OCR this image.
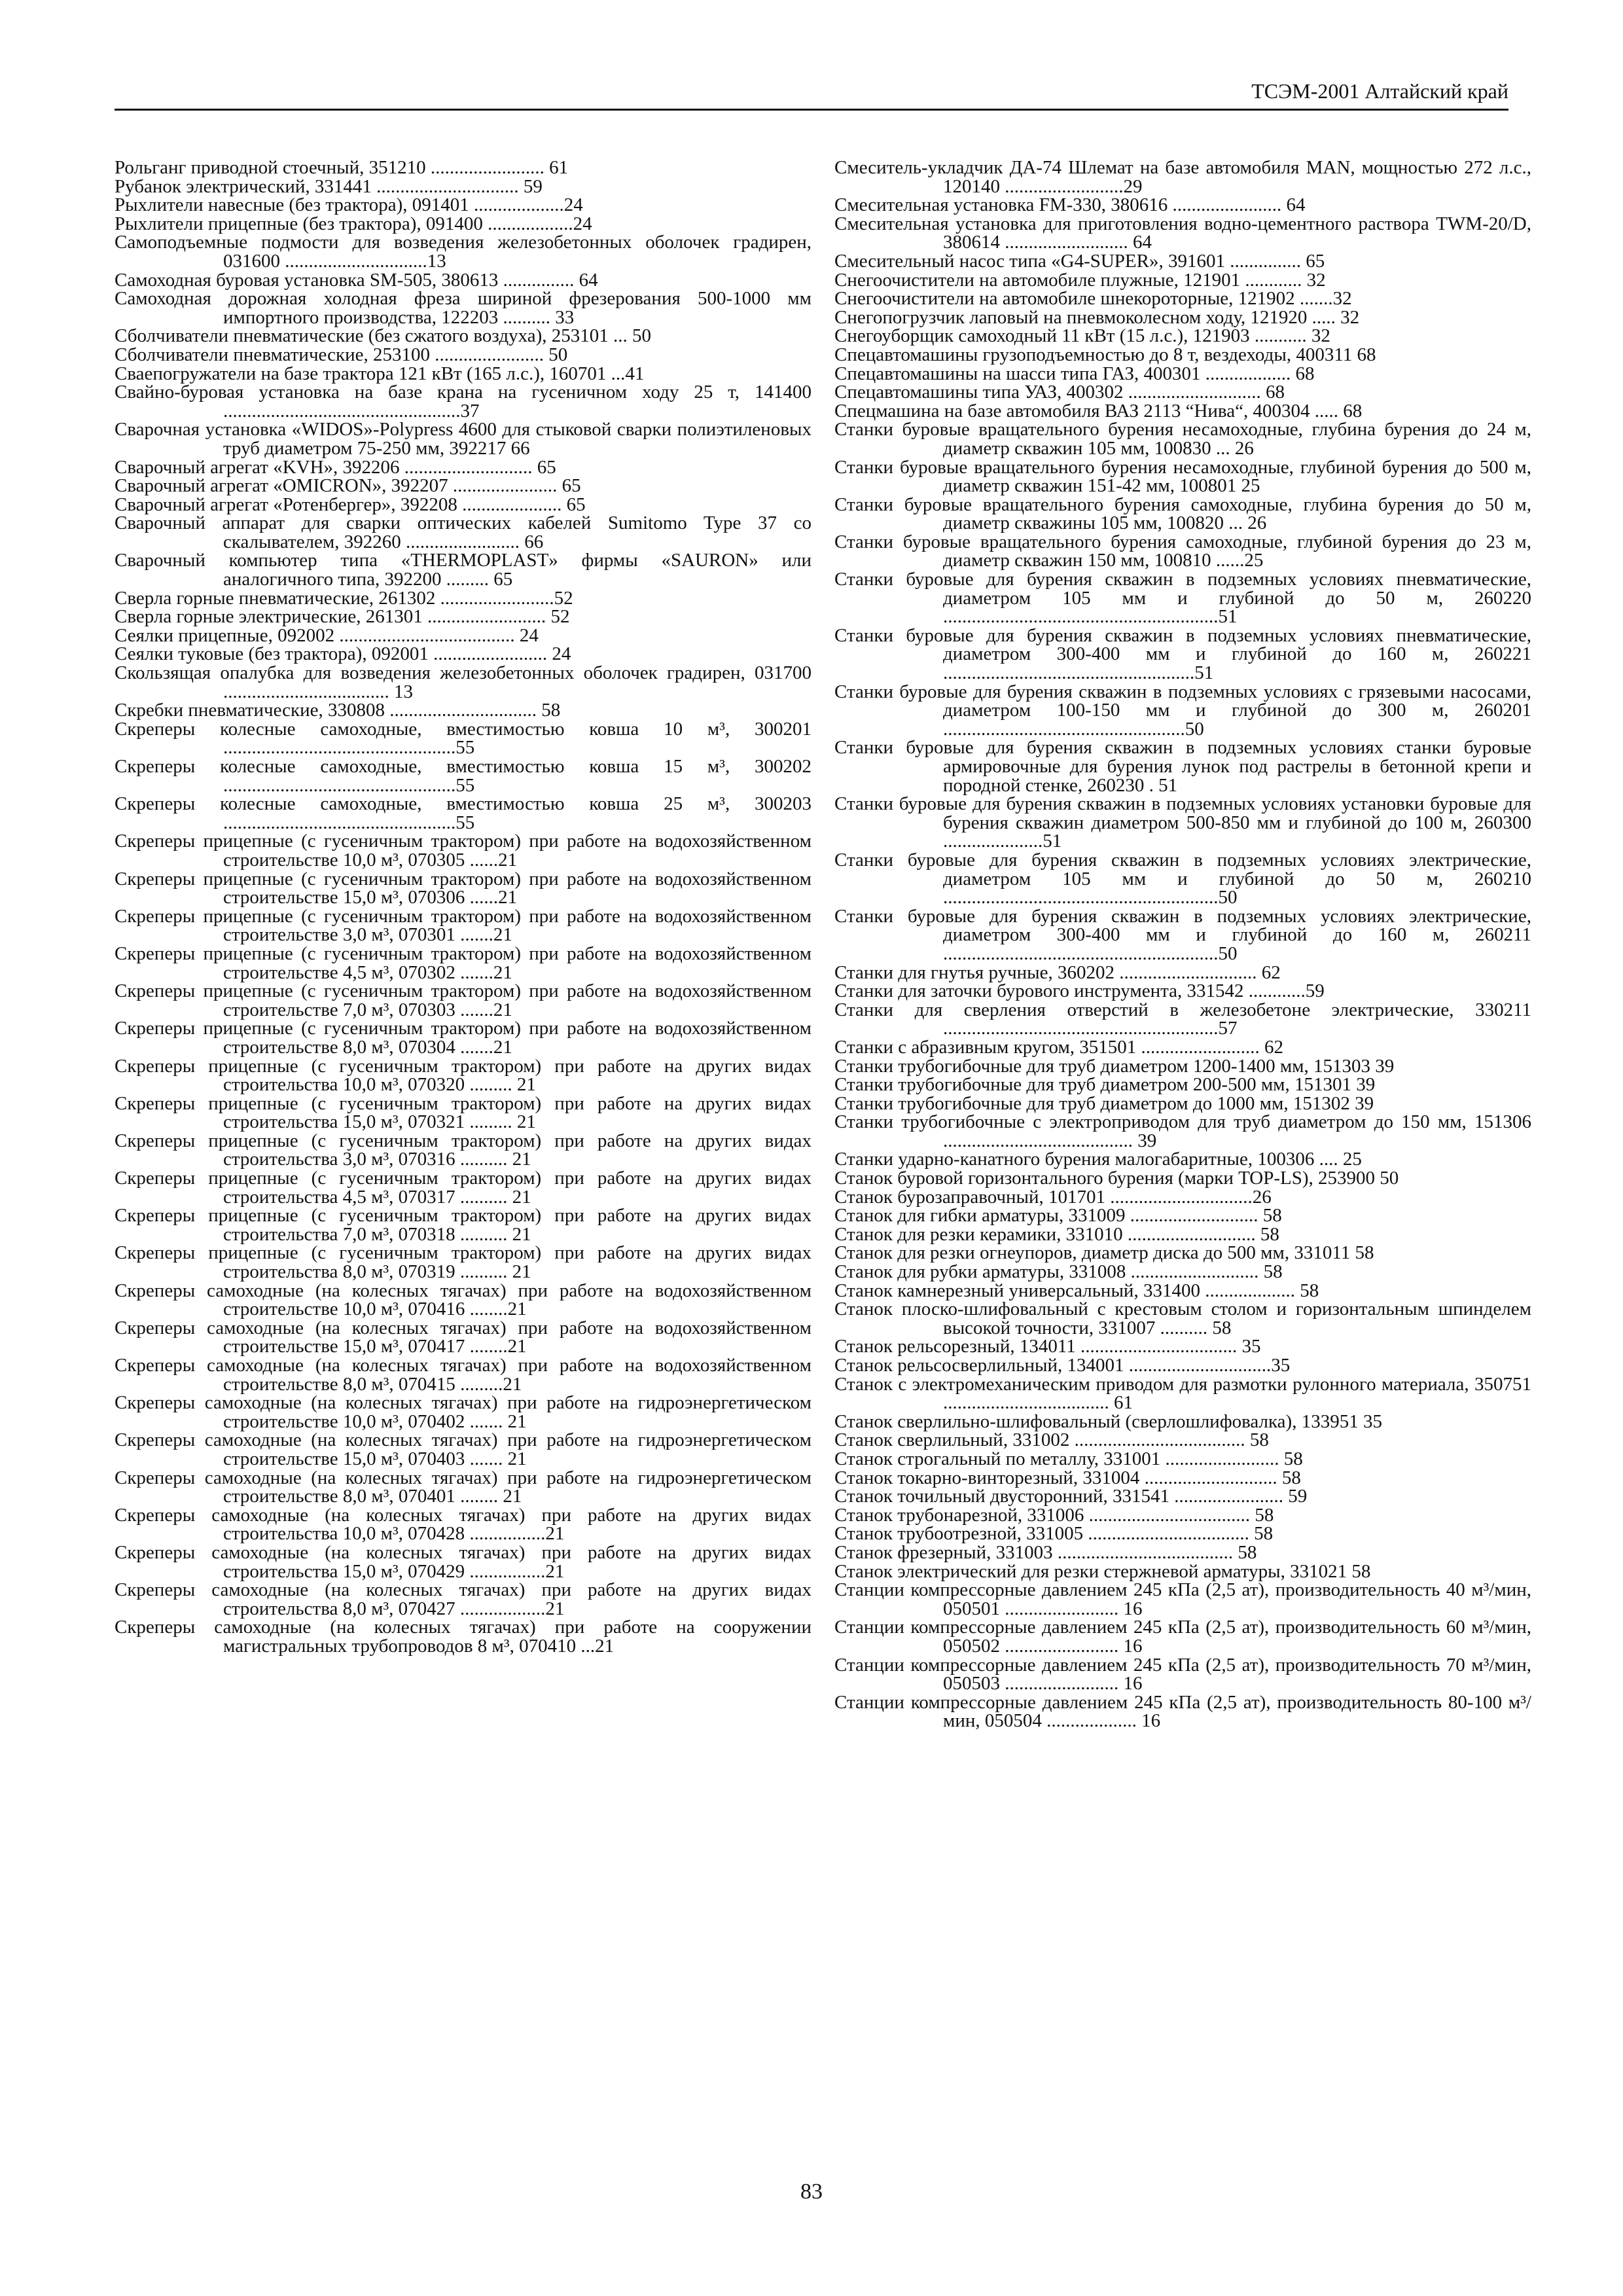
ТСЭМ-2001 Алтайский край

Рольганг приводной стоечный, 351210 ........................ 61

Рубанок электрический, 331441 .............................. 59

Рыхлители навесные (без трактора), 091401 ...................24

Рыхлители прицепные (без трактора), 091400 ..................24

Самоподъемные подмости для возведения железобетонных оболочек градирен, 031600 ..............................13

Самоходная буровая установка SM-505, 380613 ............... 64

Самоходная дорожная холодная фреза шириной фрезерования 500-1000 мм импортного производства, 122203 .......... 33

Сболчиватели пневматические (без сжатого воздуха), 253101 ... 50

Сболчиватели пневматические, 253100 ....................... 50

Сваепогружатели на базе трактора 121 кВт (165 л.с.), 160701 ...41

Свайно-буровая установка на базе крана на гусеничном ходу 25 т, 141400 ..................................................37

Сварочная установка «WIDOS»-Polypress 4600 для стыковой сварки полиэтиленовых труб диаметром 75-250 мм, 392217 66

Сварочный агрегат «KVH», 392206 ........................... 65

Сварочный агрегат «OMICRON», 392207 ...................... 65

Сварочный агрегат «Ротенбергер», 392208 ..................... 65

Сварочный аппарат для сварки оптических кабелей Sumitomo Type 37 со скалывателем, 392260 ........................ 66

Сварочный компьютер типа «THERMOPLAST» фирмы «SAURON» или аналогичного типа, 392200 ......... 65

Сверла горные пневматические, 261302 ........................52

Сверла горные электрические, 261301 ......................... 52

Сеялки прицепные, 092002 ..................................... 24

Сеялки туковые (без трактора), 092001 ........................ 24

Скользящая опалубка для возведения железобетонных оболочек градирен, 031700 ................................... 13

Скребки пневматические, 330808 ............................... 58

Скреперы колесные самоходные, вместимостью ковша 10 м³, 300201 .................................................55

Скреперы колесные самоходные, вместимостью ковша 15 м³, 300202 .................................................55

Скреперы колесные самоходные, вместимостью ковша 25 м³, 300203 .................................................55

Скреперы прицепные (с гусеничным трактором) при работе на водохозяйственном строительстве 10,0 м³, 070305 ......21

Скреперы прицепные (с гусеничным трактором) при работе на водохозяйственном строительстве 15,0 м³, 070306 ......21

Скреперы прицепные (с гусеничным трактором) при работе на водохозяйственном строительстве 3,0 м³, 070301 .......21

Скреперы прицепные (с гусеничным трактором) при работе на водохозяйственном строительстве 4,5 м³, 070302 .......21

Скреперы прицепные (с гусеничным трактором) при работе на водохозяйственном строительстве 7,0 м³, 070303 .......21

Скреперы прицепные (с гусеничным трактором) при работе на водохозяйственном строительстве 8,0 м³, 070304 .......21

Скреперы прицепные (с гусеничным трактором) при работе на других видах строительства 10,0 м³, 070320 ......... 21

Скреперы прицепные (с гусеничным трактором) при работе на других видах строительства 15,0 м³, 070321 ......... 21

Скреперы прицепные (с гусеничным трактором) при работе на других видах строительства 3,0 м³, 070316 .......... 21

Скреперы прицепные (с гусеничным трактором) при работе на других видах строительства 4,5 м³, 070317 .......... 21

Скреперы прицепные (с гусеничным трактором) при работе на других видах строительства 7,0 м³, 070318 .......... 21

Скреперы прицепные (с гусеничным трактором) при работе на других видах строительства 8,0 м³, 070319 .......... 21

Скреперы самоходные (на колесных тягачах) при работе на водохозяйственном строительстве 10,0 м³, 070416 ........21

Скреперы самоходные (на колесных тягачах) при работе на водохозяйственном строительстве 15,0 м³, 070417 ........21

Скреперы самоходные (на колесных тягачах) при работе на водохозяйственном строительстве 8,0 м³, 070415 .........21

Скреперы самоходные (на колесных тягачах) при работе на гидроэнергетическом строительстве 10,0 м³, 070402 ....... 21

Скреперы самоходные (на колесных тягачах) при работе на гидроэнергетическом строительстве 15,0 м³, 070403 ....... 21

Скреперы самоходные (на колесных тягачах) при работе на гидроэнергетическом строительстве 8,0 м³, 070401 ........ 21

Скреперы самоходные (на колесных тягачах) при работе на других видах строительства 10,0 м³, 070428 ................21

Скреперы самоходные (на колесных тягачах) при работе на других видах строительства 15,0 м³, 070429 ................21

Скреперы самоходные (на колесных тягачах) при работе на других видах строительства 8,0 м³, 070427 ..................21

Скреперы самоходные (на колесных тягачах) при работе на сооружении магистральных трубопроводов 8 м³, 070410 ...21

Смеситель-укладчик ДА-74 Шлемат на базе автомобиля MAN, мощностью 272 л.с., 120140 .........................29

Смесительная установка FM-330, 380616 ....................... 64

Смесительная установка для приготовления водно-цементного раствора TWM-20/D, 380614 .......................... 64

Смесительный насос типа «G4-SUPER», 391601 ............... 65

Снегоочистители на автомобиле плужные, 121901 ............ 32

Снегоочистители на автомобиле шнекороторные, 121902 .......32

Снегопогрузчик лаповый на пневмоколесном ходу, 121920 ..... 32

Снегоуборщик самоходный 11 кВт (15 л.с.), 121903 ........... 32

Спецавтомашины грузоподъемностью до 8 т, вездеходы, 400311 68

Спецавтомашины на шасси типа ГАЗ, 400301 .................. 68

Спецавтомашины типа УАЗ, 400302 ............................ 68

Спецмашина на базе автомобиля ВАЗ 2113 “Нива“, 400304 ..... 68

Станки буровые вращательного бурения несамоходные, глубина бурения до 24 м, диаметр скважин 105 мм, 100830 ... 26

Станки буровые вращательного бурения несамоходные, глубиной бурения до 500 м, диаметр скважин 151-42 мм, 100801 25

Станки буровые вращательного бурения самоходные, глубина бурения до 50 м, диаметр скважины 105 мм, 100820 ... 26

Станки буровые вращательного бурения самоходные, глубиной бурения до 23 м, диаметр скважин 150 мм, 100810 ......25

Станки буровые для бурения скважин в подземных условиях пневматические, диаметром 105 мм и глубиной до 50 м, 260220 ..........................................................51

Станки буровые для бурения скважин в подземных условиях пневматические, диаметром 300-400 мм и глубиной до 160 м, 260221 .....................................................51

Станки буровые для бурения скважин в подземных условиях с грязевыми насосами, диаметром 100-150 мм и глубиной до 300 м, 260201 ...................................................50

Станки буровые для бурения скважин в подземных условиях станки буровые армировочные для бурения лунок под растрелы в бетонной крепи и породной стенке, 260230 . 51

Станки буровые для бурения скважин в подземных условиях установки буровые для бурения скважин диаметром 500-850 мм и глубиной до 100 м, 260300 .....................51

Станки буровые для бурения скважин в подземных условиях электрические, диаметром 105 мм и глубиной до 50 м, 260210 ..........................................................50

Станки буровые для бурения скважин в подземных условиях электрические, диаметром 300-400 мм и глубиной до 160 м, 260211 ..........................................................50

Станки для гнутья ручные, 360202 ............................. 62

Станки для заточки бурового инструмента, 331542 ............59

Станки для сверления отверстий в железобетоне электрические, 330211 ..........................................................57

Станки с абразивным кругом, 351501 ......................... 62

Станки трубогибочные для труб диаметром 1200-1400 мм, 151303 39

Станки трубогибочные для труб диаметром 200-500 мм, 151301 39

Станки трубогибочные для труб диаметром до 1000 мм, 151302 39

Станки трубогибочные с электроприводом для труб диаметром до 150 мм, 151306 ........................................ 39

Станки ударно-канатного бурения малогабаритные, 100306 .... 25

Станок буровой горизонтального бурения (марки TOP-LS), 253900 50

Станок бурозаправочный, 101701 ..............................26

Станок для гибки арматуры, 331009 ........................... 58

Станок для резки керамики, 331010 ........................... 58

Станок для резки огнеупоров, диаметр диска до 500 мм, 331011 58

Станок для рубки арматуры, 331008 ........................... 58

Станок камнерезный универсальный, 331400 ................... 58

Станок плоско-шлифовальный с крестовым столом и горизонтальным шпинделем высокой точности, 331007 .......... 58

Станок рельсорезный, 134011 ................................. 35

Станок рельсосверлильный, 134001 ..............................35

Станок с электромеханическим приводом для размотки рулонного материала, 350751 ................................... 61

Станок сверлильно-шлифовальный (сверлошлифовалка), 133951 35

Станок сверлильный, 331002 .................................... 58

Станок строгальный по металлу, 331001 ........................ 58

Станок токарно-винторезный, 331004 ............................ 58

Станок точильный двусторонний, 331541 ....................... 59

Станок трубонарезной, 331006 .................................. 58

Станок трубоотрезной, 331005 .................................. 58

Станок фрезерный, 331003 ..................................... 58

Станок электрический для резки стержневой арматуры, 331021 58

Станции компрессорные давлением 245 кПа (2,5 ат), производительность 40 м³/мин, 050501 ........................ 16

Станции компрессорные давлением 245 кПа (2,5 ат), производительность 60 м³/мин, 050502 ........................ 16

Станции компрессорные давлением 245 кПа (2,5 ат), производительность 70 м³/мин, 050503 ........................ 16

Станции компрессорные давлением 245 кПа (2,5 ат), производительность 80-100 м³/мин, 050504 ................... 16

83
